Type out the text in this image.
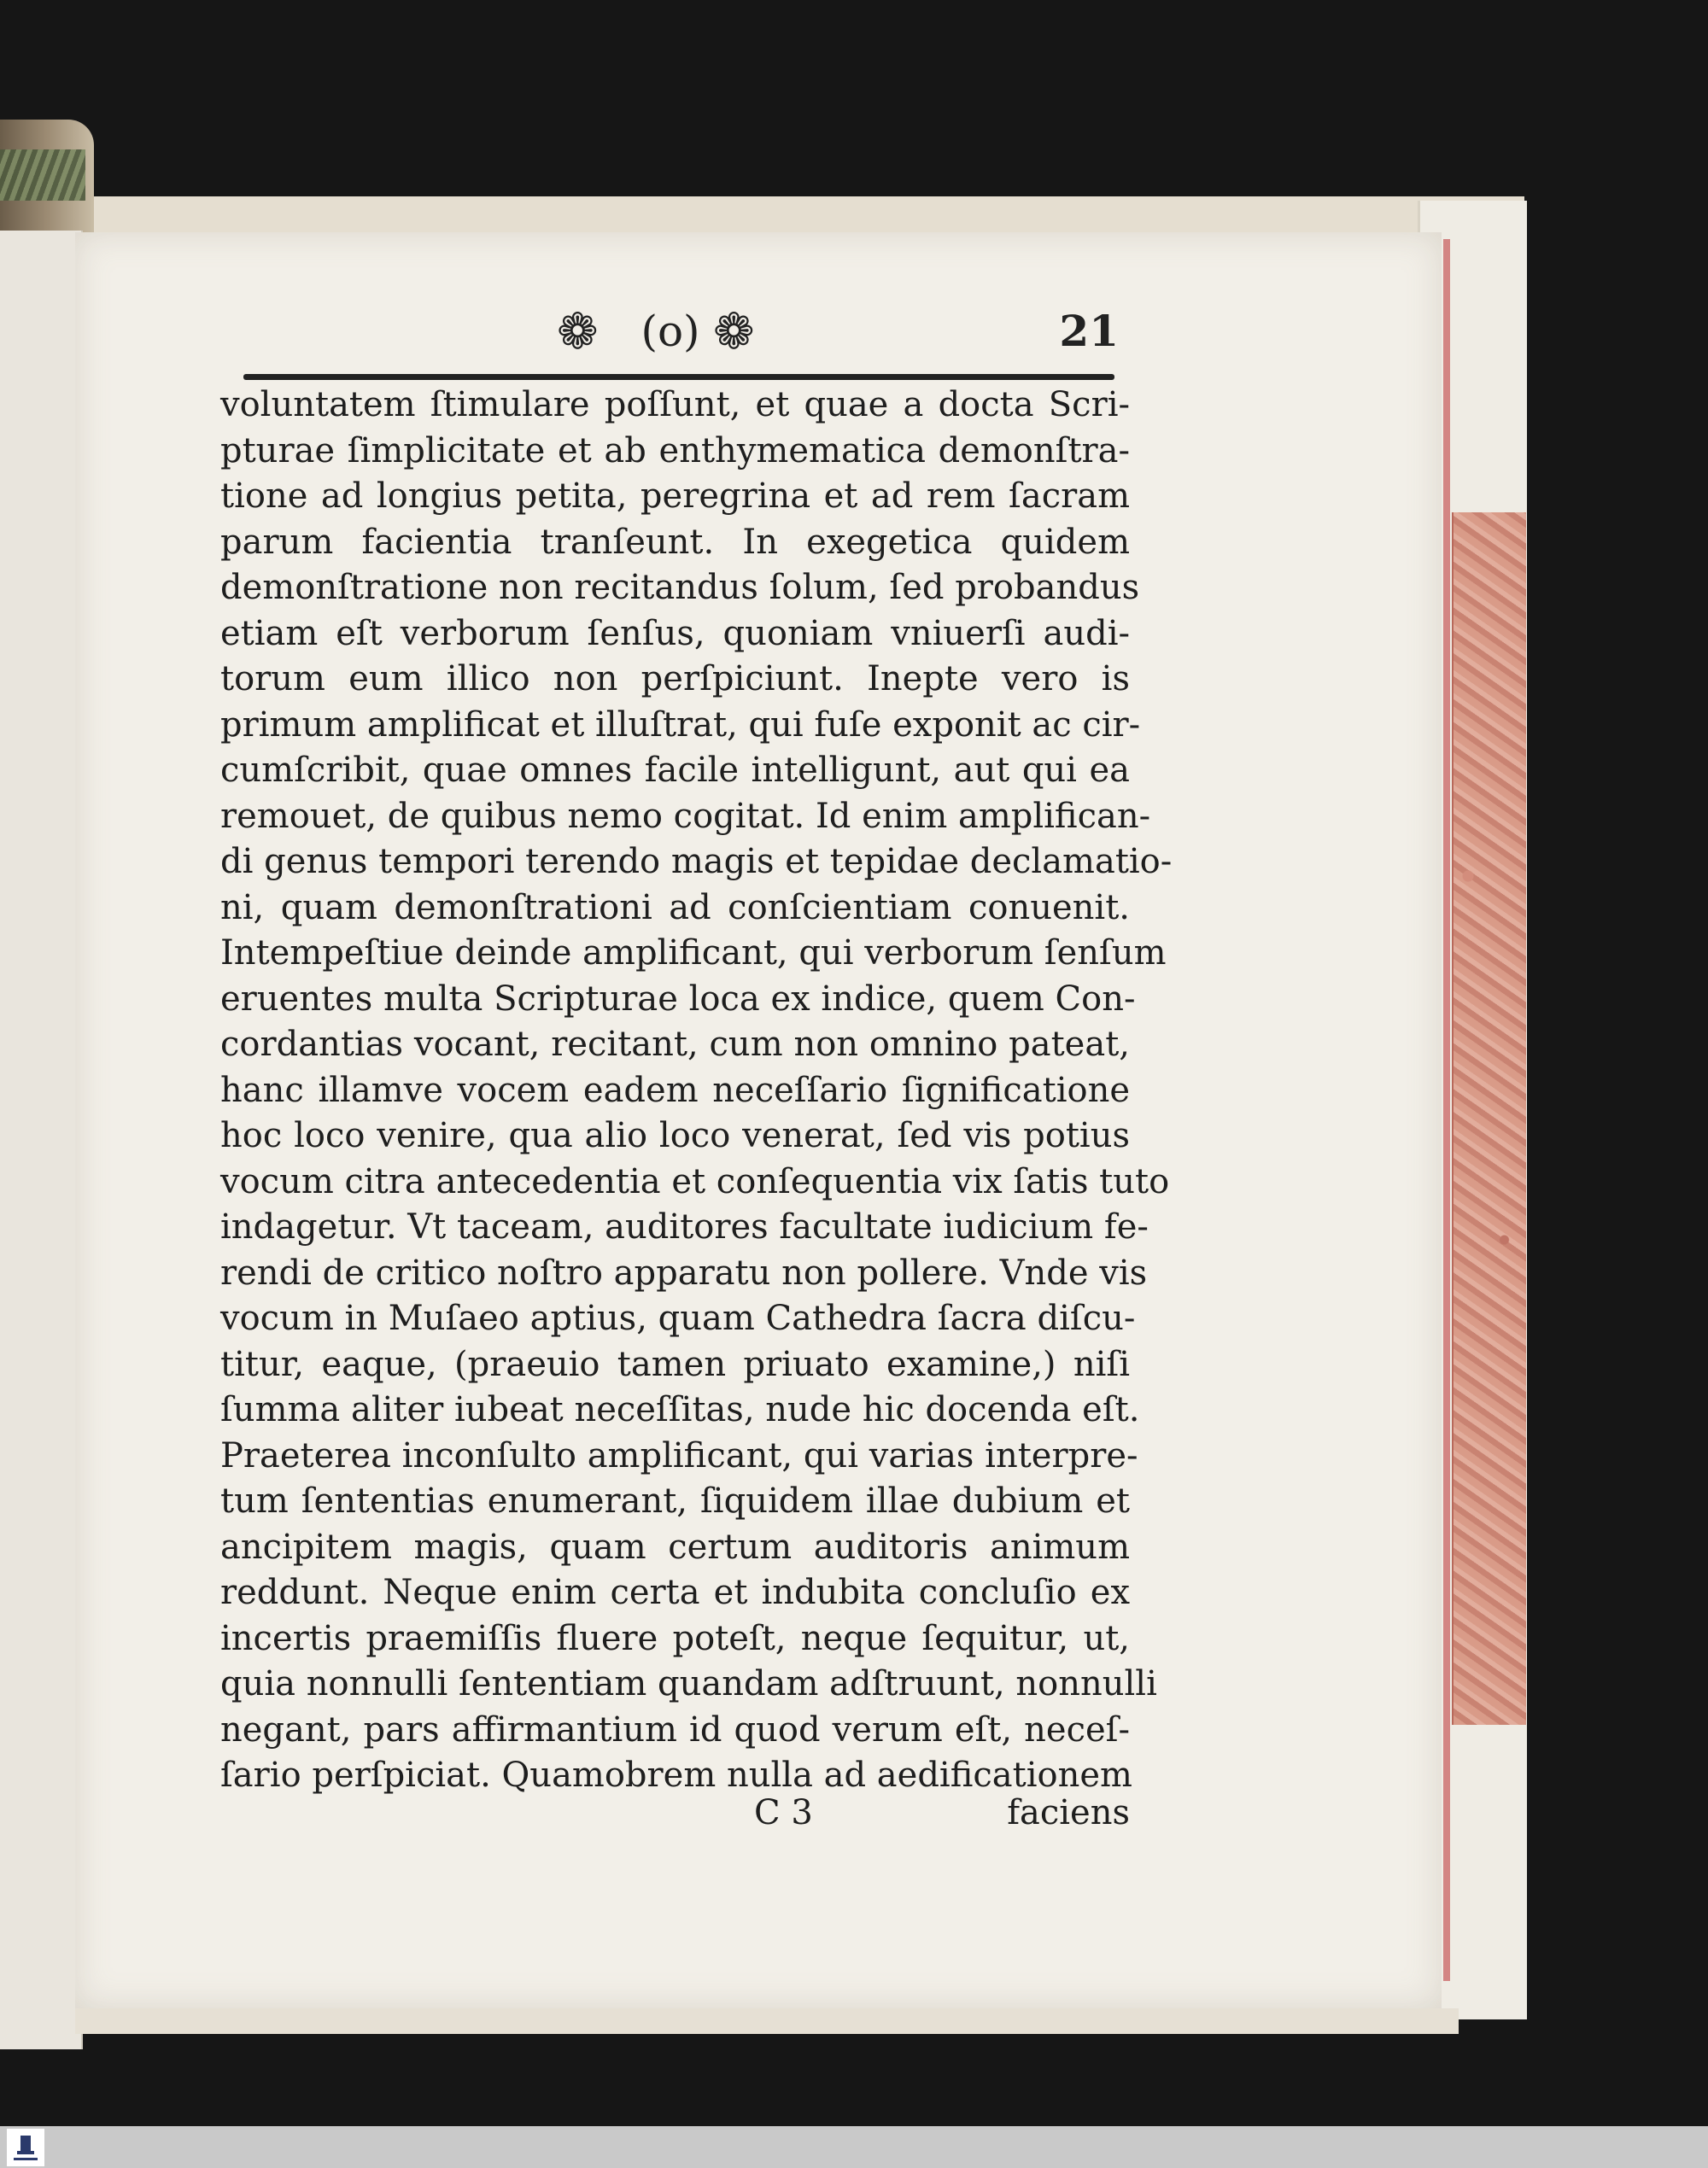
❁ (o) ❁	21
voluntatem ſtimulare poſſunt, et quae a docta Scri-
pturae ſimplicitate et ab enthymematica demonſtra-
tione ad longius petita, peregrina et ad rem ſacram
parum facientia tranſeunt. In exegetica quidem
demonſtratione non recitandus ſolum, ſed probandus
etiam eſt verborum ſenſus, quoniam vniuerſi audi-
torum eum illico non perſpiciunt. Inepte vero is
primum amplificat et illuſtrat, qui fuſe exponit ac cir-
cumſcribit, quae omnes facile intelligunt, aut qui ea
remouet, de quibus nemo cogitat. Id enim amplifican-
di genus tempori terendo magis et tepidae declamatio-
ni, quam demonſtrationi ad conſcientiam conuenit.
Intempeſtiue deinde amplificant, qui verborum ſenſum
eruentes multa Scripturae loca ex indice, quem Con-
cordantias vocant, recitant, cum non omnino pateat,
hanc illamve vocem eadem neceſſario ſignificatione
hoc loco venire, qua alio loco venerat, ſed vis potius
vocum citra antecedentia et conſequentia vix ſatis tuto
indagetur. Vt taceam, auditores facultate iudicium fe-
rendi de critico noſtro apparatu non pollere. Vnde vis
vocum in Muſaeo aptius, quam Cathedra ſacra diſcu-
titur, eaque, (praeuio tamen priuato examine,) niſi
ſumma aliter iubeat neceſſitas, nude hic docenda eſt.
Praeterea inconſulto amplificant, qui varias interpre-
tum ſententias enumerant, ſiquidem illae dubium et
ancipitem magis, quam certum auditoris animum
reddunt. Neque enim certa et indubita concluſio ex
incertis praemiſſis fluere poteſt, neque ſequitur, ut,
quia nonnulli ſententiam quandam adſtruunt, nonnulli
negant, pars affirmantium id quod verum eſt, neceſ-
ſario perſpiciat. Quamobrem nulla ad aedificationem
C 3	faciens
